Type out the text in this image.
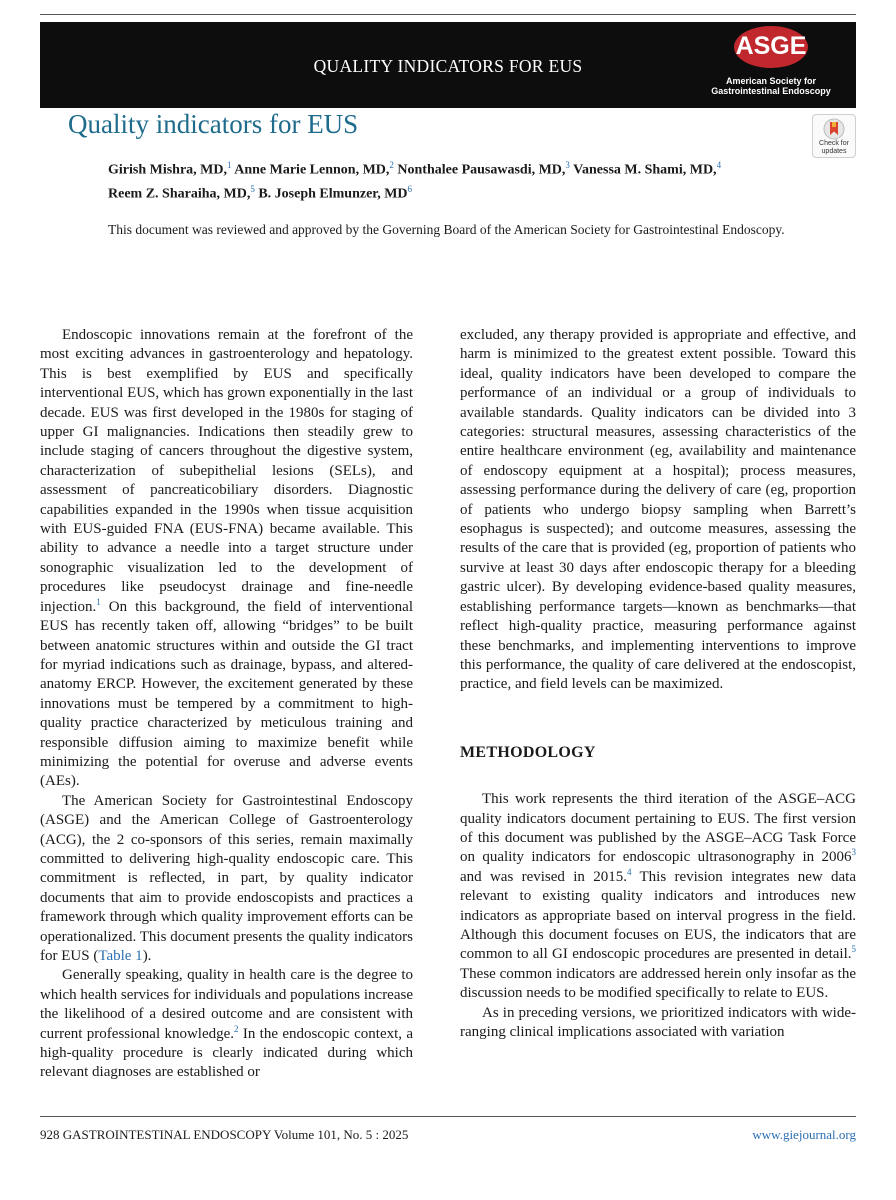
QUALITY INDICATORS FOR EUS
ASGE
American Society for
Gastrointestinal Endoscopy
Quality indicators for EUS
Check for
updates
Girish Mishra, MD,$^1$ Anne Marie Lennon, MD,$^2$ Nonthalee Pausawasdi, MD,$^3$ Vanessa M. Shami, MD,$^4$
Reem Z. Sharaiha, MD,$^5$ B. Joseph Elmunzer, $MD^6$
This document was reviewed and approved by the Governing Board of the American Society for Gastrointestinal Endoscopy.

Endoscopic innovations remain at the forefront of the most exciting advances in gastroenterology and hepatology. This is best exemplified by EUS and specifically interventional EUS, which has grown exponentially in the last decade. EUS was first developed in the 1980s for staging of upper GI malignancies. Indications then steadily grew to include staging of cancers throughout the digestive system, characterization of subepithelial lesions (SELs), and assessment of pancreaticobiliary disorders. Diagnostic capabilities expanded in the 1990s when tissue acquisition with EUS-guided FNA (EUS-FNA) became available. This ability to advance a needle into a target structure under sonographic visualization led to the development of procedures like pseudocyst drainage and fine-needle injection.$^1$ On this background, the field of interventional EUS has recently taken off, allowing “bridges” to be built between anatomic structures within and outside the GI tract for myriad indications such as drainage, bypass, and altered-anatomy ERCP. However, the excitement generated by these innovations must be tempered by a commitment to high-quality practice characterized by meticulous training and responsible diffusion aiming to maximize benefit while minimizing the potential for overuse and adverse events (AEs).

The American Society for Gastrointestinal Endoscopy (ASGE) and the American College of Gastroenterology (ACG), the 2 co-sponsors of this series, remain maximally committed to delivering high-quality endoscopic care. This commitment is reflected, in part, by quality indicator documents that aim to provide endoscopists and practices a framework through which quality improvement efforts can be operationalized. This document presents the quality indicators for EUS (Table 1).

Generally speaking, quality in health care is the degree to which health services for individuals and populations increase the likelihood of a desired outcome and are consistent with current professional knowledge.$^2$ In the endoscopic context, a high-quality procedure is clearly indicated during which relevant diagnoses are established or

excluded, any therapy provided is appropriate and effective, and harm is minimized to the greatest extent possible. Toward this ideal, quality indicators have been developed to compare the performance of an individual or a group of individuals to available standards. Quality indicators can be divided into 3 categories: structural measures, assessing characteristics of the entire healthcare environment (eg, availability and maintenance of endoscopy equipment at a hospital); process measures, assessing performance during the delivery of care (eg, proportion of patients who undergo biopsy sampling when Barrett’s esophagus is suspected); and outcome measures, assessing the results of the care that is provided (eg, proportion of patients who survive at least 30 days after endoscopic therapy for a bleeding gastric ulcer). By developing evidence-based quality measures, establishing performance targets—known as benchmarks—that reflect high-quality practice, measuring performance against these benchmarks, and implementing interventions to improve this performance, the quality of care delivered at the endoscopist, practice, and field levels can be maximized.

METHODOLOGY

This work represents the third iteration of the ASGE–ACG quality indicators document pertaining to EUS. The first version of this document was published by the ASGE–ACG Task Force on quality indicators for endoscopic ultrasonography in 2006$^3$ and was revised in 2015.$^4$ This revision integrates new data relevant to existing quality indicators and introduces new indicators as appropriate based on interval progress in the field. Although this document focuses on EUS, the indicators that are common to all GI endoscopic procedures are presented in detail.$^5$ These common indicators are addressed herein only insofar as the discussion needs to be modified specifically to relate to EUS.

As in preceding versions, we prioritized indicators with wide-ranging clinical implications associated with variation

928 GASTROINTESTINAL ENDOSCOPY Volume 101, No. 5 : 2025	www.giejournal.org
